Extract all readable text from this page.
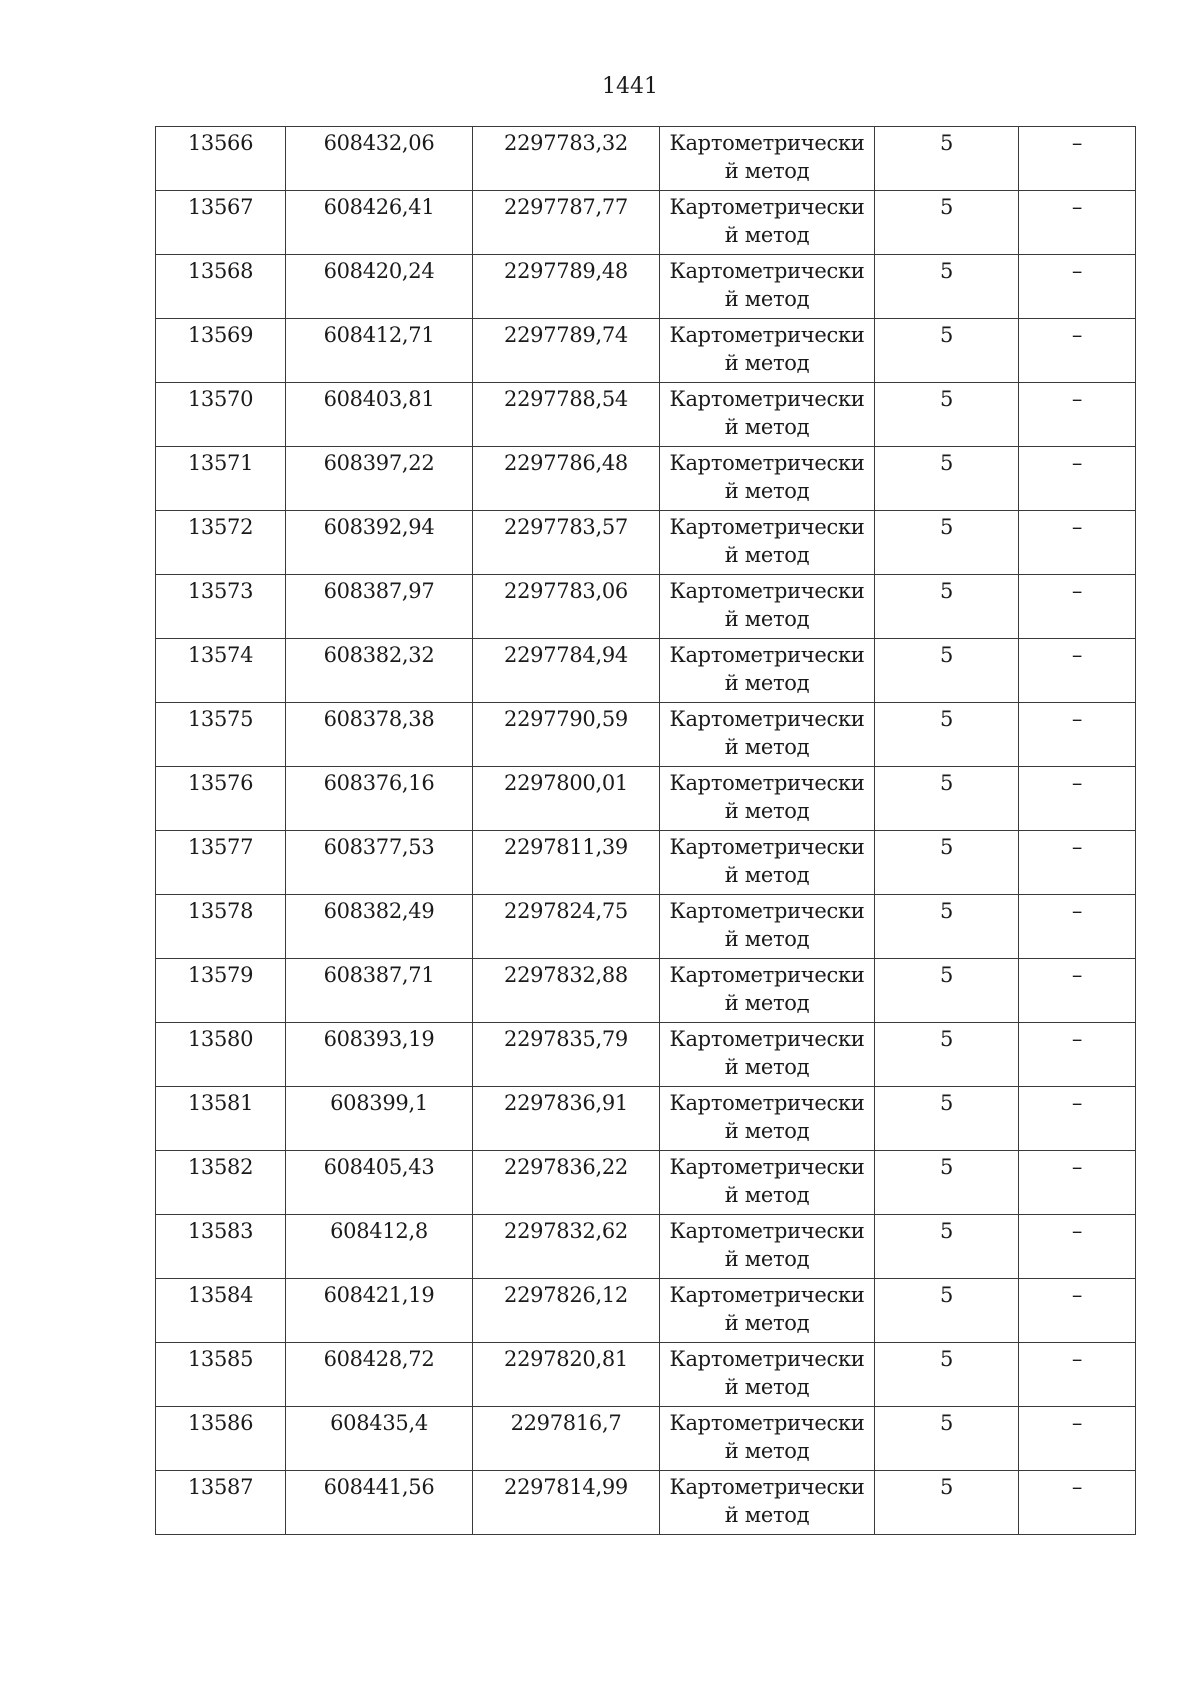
1441
13566	608432,06	2297783,32	Картометрически й метод	5	–

13567	608426,41	2297787,77	Картометрически й метод	5	–

13568	608420,24	2297789,48	Картометрически й метод	5	–

13569	608412,71	2297789,74	Картометрически й метод	5	–

13570	608403,81	2297788,54	Картометрически й метод	5	–

13571	608397,22	2297786,48	Картометрически й метод	5	–

13572	608392,94	2297783,57	Картометрически й метод	5	–

13573	608387,97	2297783,06	Картометрически й метод	5	–

13574	608382,32	2297784,94	Картометрически й метод	5	–

13575	608378,38	2297790,59	Картометрически й метод	5	–

13576	608376,16	2297800,01	Картометрически й метод	5	–

13577	608377,53	2297811,39	Картометрически й метод	5	–

13578	608382,49	2297824,75	Картометрически й метод	5	–

13579	608387,71	2297832,88	Картометрически й метод	5	–

13580	608393,19	2297835,79	Картометрически й метод	5	–

13581	608399,1	2297836,91	Картометрически й метод	5	–

13582	608405,43	2297836,22	Картометрически й метод	5	–

13583	608412,8	2297832,62	Картометрически й метод	5	–

13584	608421,19	2297826,12	Картометрически й метод	5	–

13585	608428,72	2297820,81	Картометрически й метод	5	–

13586	608435,4	2297816,7	Картометрически й метод	5	–

13587	608441,56	2297814,99	Картометрически й метод	5	–
